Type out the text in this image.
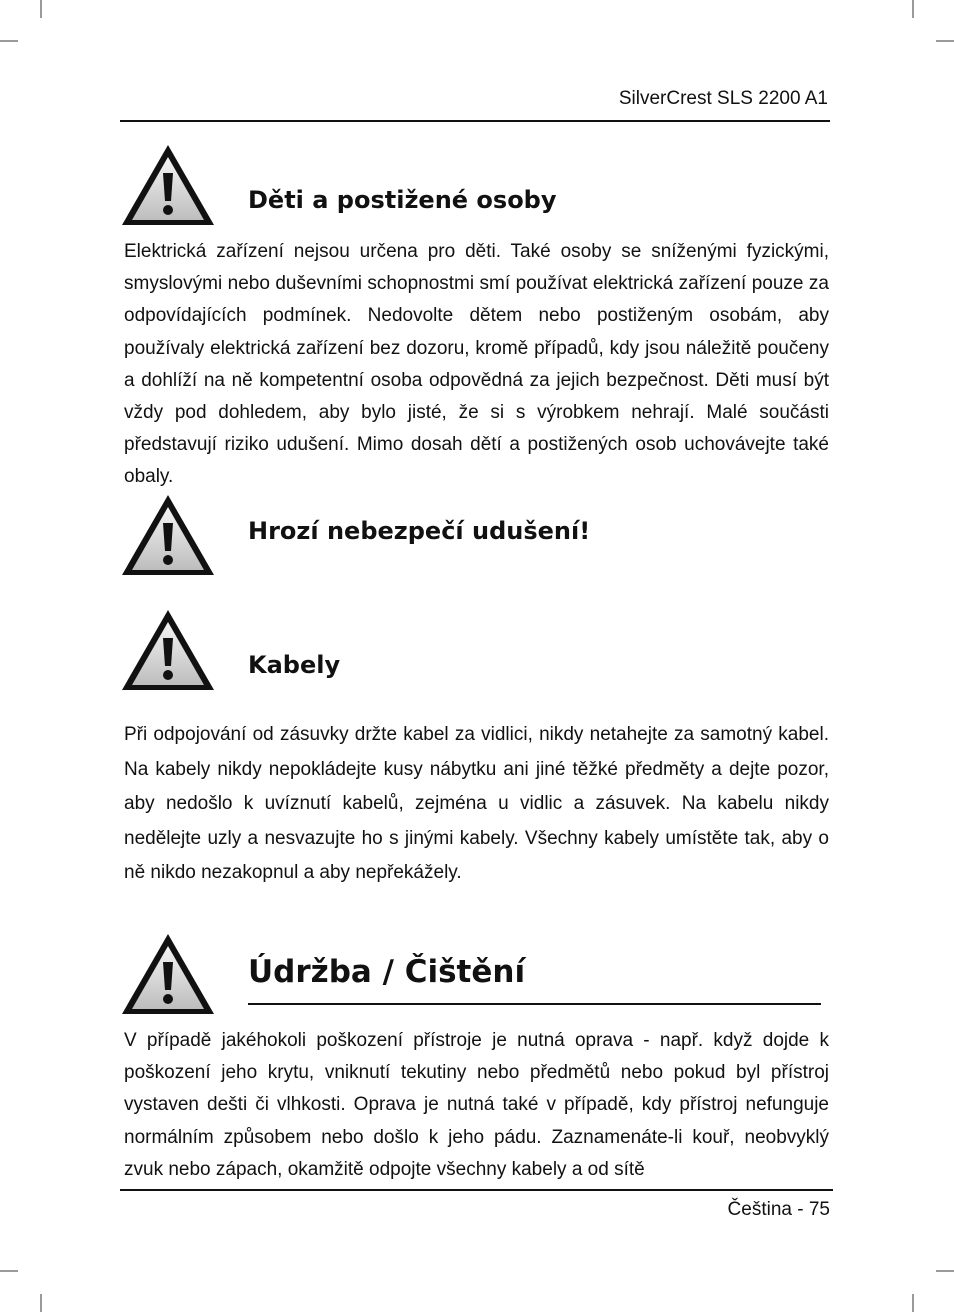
SilverCrest SLS 2200 A1
Děti a postižené osoby
Elektrická zařízení nejsou určena pro děti. Také osoby se sníženými fyzickými, smyslovými nebo duševními schopnostmi smí používat elektrická zařízení pouze za odpovídajících podmínek. Nedovolte dětem nebo postiženým osobám, aby používaly elektrická zařízení bez dozoru, kromě případů, kdy jsou náležitě poučeny a dohlíží na ně kompetentní osoba odpovědná za jejich bezpečnost. Děti musí být vždy pod dohledem, aby bylo jisté, že si s výrobkem nehrají. Malé součásti představují riziko udušení. Mimo dosah dětí a postižených osob uchovávejte také obaly.
Hrozí nebezpečí udušení!
Kabely
Při odpojování od zásuvky držte kabel za vidlici, nikdy netahejte za samotný kabel. Na kabely nikdy nepokládejte kusy nábytku ani jiné těžké předměty a dejte pozor, aby nedošlo k uvíznutí kabelů, zejména u vidlic a zásuvek. Na kabelu nikdy nedělejte uzly a nesvazujte ho s jinými kabely. Všechny kabely umístěte tak, aby o ně nikdo nezakopnul a aby nepřekážely.
Údržba / Čištění
V případě jakéhokoli poškození přístroje je nutná oprava - např. když dojde k poškození jeho krytu, vniknutí tekutiny nebo předmětů nebo pokud byl přístroj vystaven dešti či vlhkosti. Oprava je nutná také v případě, kdy přístroj nefunguje normálním způsobem nebo došlo k jeho pádu. Zaznamenáte-li kouř, neobvyklý zvuk nebo zápach, okamžitě odpojte všechny kabely a od sítě
Čeština - 75
